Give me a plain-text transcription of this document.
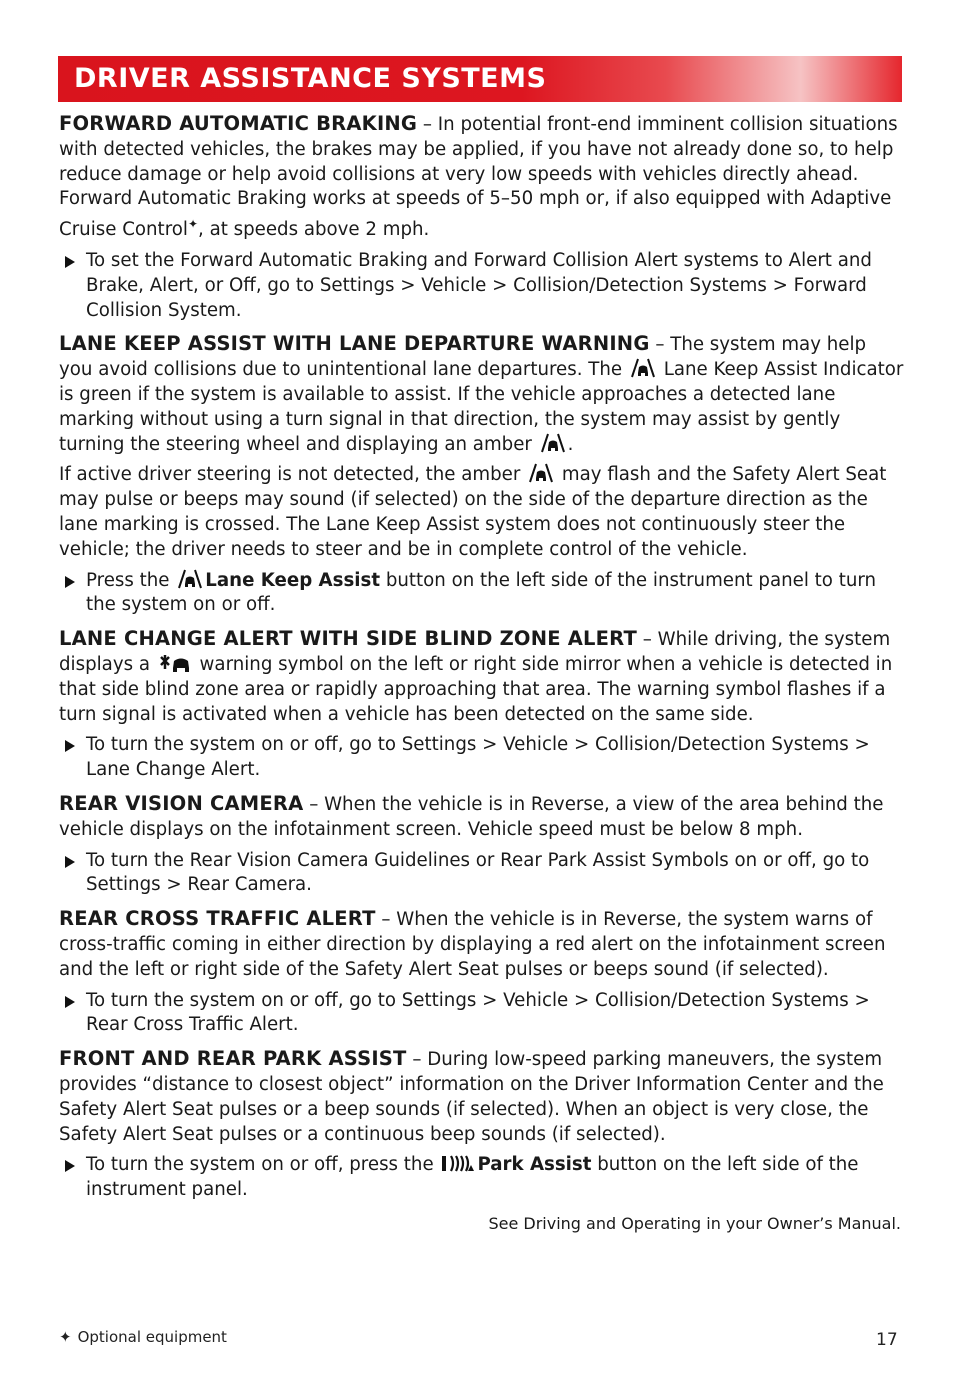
DRIVER ASSISTANCE SYSTEMS
FORWARD AUTOMATIC BRAKING – In potential front-end imminent collision situations with detected vehicles, the brakes may be applied, if you have not already done so, to help reduce damage or help avoid collisions at very low speeds with vehicles directly ahead. Forward Automatic Braking works at speeds of 5–50 mph or, if also equipped with Adaptive Cruise Control✦, at speeds above 2 mph.
To set the Forward Automatic Braking and Forward Collision Alert systems to Alert and Brake, Alert, or Off, go to Settings > Vehicle > Collision/Detection Systems > Forward Collision System.
LANE KEEP ASSIST WITH LANE DEPARTURE WARNING – The system may help you avoid collisions due to unintentional lane departures. The  Lane Keep Assist Indicator is green if the system is available to assist. If the vehicle approaches a detected lane marking without using a turn signal in that direction, the system may assist by gently turning the steering wheel and displaying an amber .
If active driver steering is not detected, the amber  may flash and the Safety Alert Seat may pulse or beeps may sound (if selected) on the side of the departure direction as the lane marking is crossed. The Lane Keep Assist system does not continuously steer the vehicle; the driver needs to steer and be in complete control of the vehicle.
Press the Lane Keep Assist button on the left side of the instrument panel to turn the system on or off.
LANE CHANGE ALERT WITH SIDE BLIND ZONE ALERT – While driving, the system displays a  warning symbol on the left or right side mirror when a vehicle is detected in that side blind zone area or rapidly approaching that area. The warning symbol flashes if a turn signal is activated when a vehicle has been detected on the same side.
To turn the system on or off, go to Settings > Vehicle > Collision/Detection Systems > Lane Change Alert.
REAR VISION CAMERA – When the vehicle is in Reverse, a view of the area behind the vehicle displays on the infotainment screen. Vehicle speed must be below 8 mph.
To turn the Rear Vision Camera Guidelines or Rear Park Assist Symbols on or off, go to Settings > Rear Camera.
REAR CROSS TRAFFIC ALERT – When the vehicle is in Reverse, the system warns of cross-traffic coming in either direction by displaying a red alert on the infotainment screen and the left or right side of the Safety Alert Seat pulses or beeps sound (if selected).
To turn the system on or off, go to Settings > Vehicle > Collision/Detection Systems > Rear Cross Traffic Alert.
FRONT AND REAR PARK ASSIST – During low-speed parking maneuvers, the system provides “distance to closest object” information on the Driver Information Center and the Safety Alert Seat pulses or a beep sounds (if selected). When an object is very close, the Safety Alert Seat pulses or a continuous beep sounds (if selected).
To turn the system on or off, press the Park Assist button on the left side of the instrument panel.
See Driving and Operating in your Owner’s Manual.
✦ Optional equipment	17
